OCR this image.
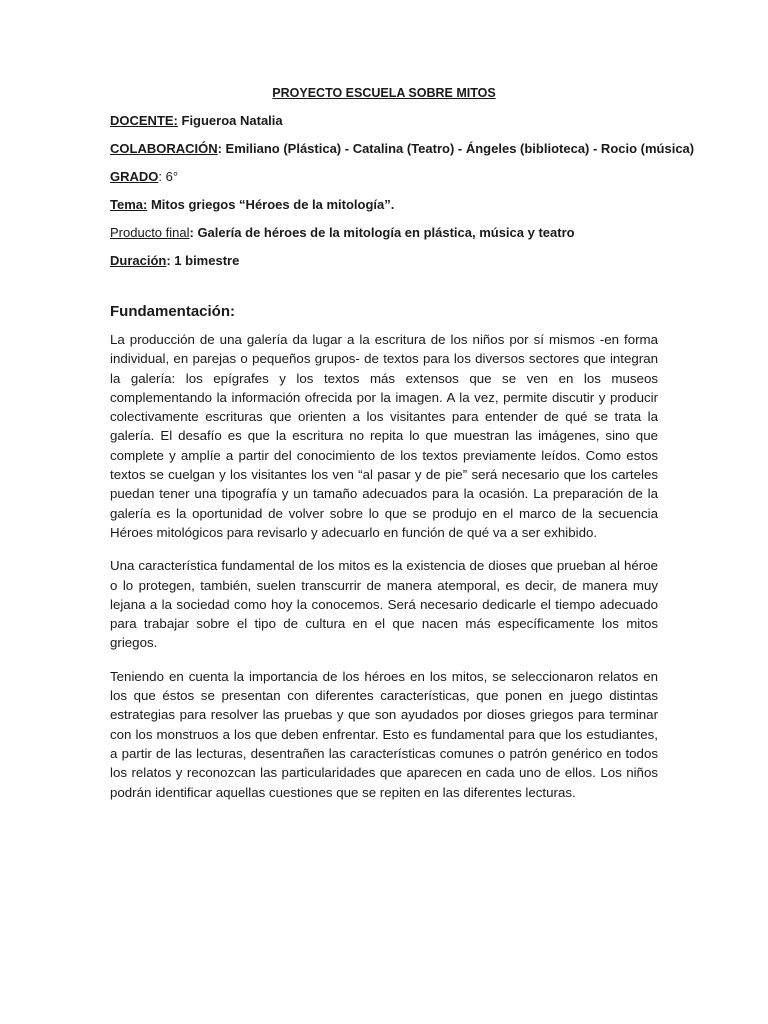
PROYECTO ESCUELA SOBRE MITOS
DOCENTE: Figueroa Natalia
COLABORACIÓN: Emiliano (Plástica) - Catalina (Teatro) - Ángeles (biblioteca) - Rocio (música)
GRADO: 6°
Tema: Mitos griegos “Héroes de la mitología”.
Producto final: Galería de héroes de la mitología en plástica, música y teatro
Duración: 1 bimestre
Fundamentación:

La producción de una galería da lugar a la escritura de los niños por sí mismos -en forma individual, en parejas o pequeños grupos- de textos para los diversos sectores que integran la galería: los epígrafes y los textos más extensos que se ven en los museos complementando la información ofrecida por la imagen. A la vez, permite discutir y producir colectivamente escrituras que orienten a los visitantes para entender de qué se trata la galería. El desafío es que la escritura no repita lo que muestran las imágenes, sino que complete y amplíe a partir del conocimiento de los textos previamente leídos. Como estos textos se cuelgan y los visitantes los ven “al pasar y de pie” será necesario que los carteles puedan tener una tipografía y un tamaño adecuados para la ocasión. La preparación de la galería es la oportunidad de volver sobre lo que se produjo en el marco de la secuencia Héroes mitológicos para revisarlo y adecuarlo en función de qué va a ser exhibido.

Una característica fundamental de los mitos es la existencia de dioses que prueban al héroe o lo protegen, también, suelen transcurrir de manera atemporal, es decir, de manera muy lejana a la sociedad como hoy la conocemos. Será necesario dedicarle el tiempo adecuado para trabajar sobre el tipo de cultura en el que nacen más específicamente los mitos griegos.

Teniendo en cuenta la importancia de los héroes en los mitos, se seleccionaron relatos en los que éstos se presentan con diferentes características, que ponen en juego distintas estrategias para resolver las pruebas y que son ayudados por dioses griegos para terminar con los monstruos a los que deben enfrentar. Esto es fundamental para que los estudiantes, a partir de las lecturas, desentrañen las características comunes o patrón genérico en todos los relatos y reconozcan las particularidades que aparecen en cada uno de ellos. Los niños podrán identificar aquellas cuestiones que se repiten en las diferentes lecturas.
